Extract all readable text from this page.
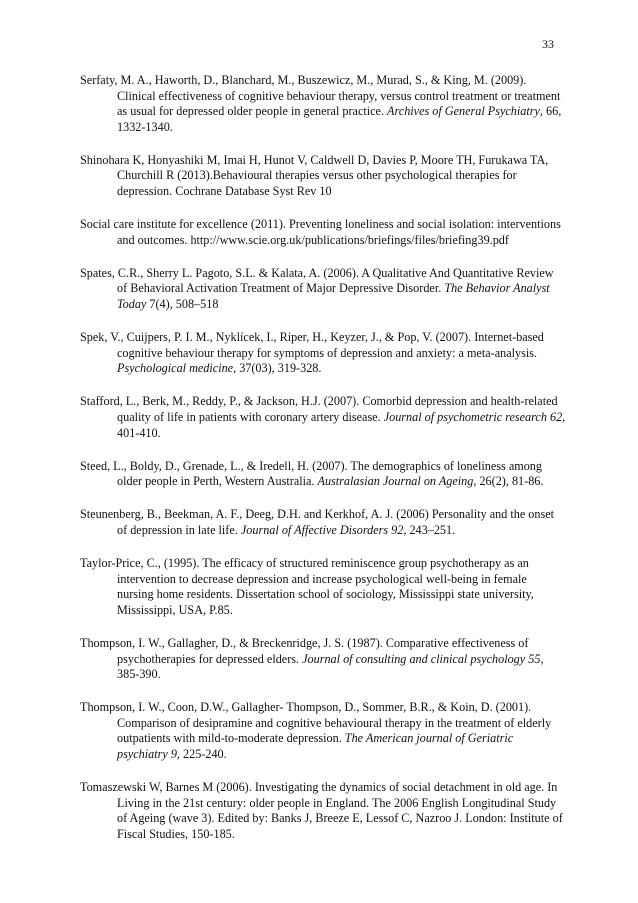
33

Serfaty, M. A., Haworth, D., Blanchard, M., Buszewicz, M., Murad, S., & King, M. (2009). Clinical effectiveness of cognitive behaviour therapy, versus control treatment or treatment as usual for depressed older people in general practice. Archives of General Psychiatry, 66, 1332-1340.

Shinohara K, Honyashiki M, Imai H, Hunot V, Caldwell D, Davies P, Moore TH, Furukawa TA, Churchill R (2013).Behavioural therapies versus other psychological therapies for depression. Cochrane Database Syst Rev 10

Social care institute for excellence (2011). Preventing loneliness and social isolation: interventions and outcomes. http://www.scie.org.uk/publications/briefings/files/briefing39.pdf

Spates, C.R., Sherry L. Pagoto, S.L. & Kalata, A. (2006). A Qualitative And Quantitative Review of Behavioral Activation Treatment of Major Depressive Disorder. The Behavior Analyst Today 7(4), 508–518

Spek, V., Cuijpers, P. I. M., Nyklícek, I., Riper, H., Keyzer, J., & Pop, V. (2007). Internet-based cognitive behaviour therapy for symptoms of depression and anxiety: a meta-analysis. Psychological medicine, 37(03), 319-328.

Stafford, L., Berk, M., Reddy, P., & Jackson, H.J. (2007). Comorbid depression and health-related quality of life in patients with coronary artery disease. Journal of psychometric research 62, 401-410.

Steed, L., Boldy, D., Grenade, L., & Iredell, H. (2007). The demographics of loneliness among older people in Perth, Western Australia. Australasian Journal on Ageing, 26(2), 81-86.

Steunenberg, B., Beekman, A. F., Deeg, D.H. and Kerkhof, A. J. (2006) Personality and the onset of depression in late life. Journal of Affective Disorders 92, 243–251.

Taylor-Price, C., (1995). The efficacy of structured reminiscence group psychotherapy as an intervention to decrease depression and increase psychological well-being in female nursing home residents. Dissertation school of sociology, Mississippi state university, Mississippi, USA, P.85.

Thompson, I. W., Gallagher, D., & Breckenridge, J. S. (1987). Comparative effectiveness of psychotherapies for depressed elders. Journal of consulting and clinical psychology 55, 385-390.

Thompson, I. W., Coon, D.W., Gallagher- Thompson, D., Sommer, B.R., & Koin, D. (2001). Comparison of desipramine and cognitive behavioural therapy in the treatment of elderly outpatients with mild-to-moderate depression. The American journal of Geriatric psychiatry 9, 225-240.

Tomaszewski W, Barnes M (2006). Investigating the dynamics of social detachment in old age. In Living in the 21st century: older people in England. The 2006 English Longitudinal Study of Ageing (wave 3). Edited by: Banks J, Breeze E, Lessof C, Nazroo J. London: Institute of Fiscal Studies, 150-185.
